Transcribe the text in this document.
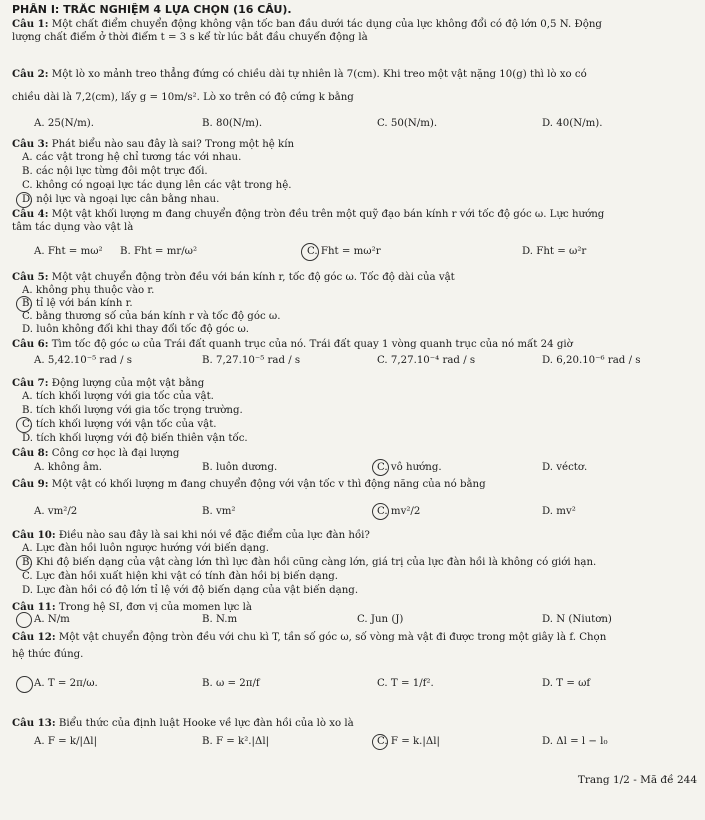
PHẦN I: TRẮC NGHIỆM 4 LỰA CHỌN (16 CÂU).
Câu 1: Một chất điểm chuyển động không vận tốc ban đầu dưới tác dụng của lực không đổi có độ lớn 0,5 N. Động
lượng chất điểm ở thời điểm t = 3 s kể từ lúc bắt đầu chuyển động là
Câu 2: Một lò xo mảnh treo thẳng đứng có chiều dài tự nhiên là 7(cm). Khi treo một vật nặng 10(g) thì lò xo có
chiều dài là 7,2(cm), lấy g = 10m/s². Lò xo trên có độ cứng k bằng
A. 25(N/m).	B. 80(N/m).	C. 50(N/m).	D. 40(N/m).
Câu 3: Phát biểu nào sau đây là sai? Trong một hệ kín
A. các vật trong hệ chỉ tương tác với nhau.
B. các nội lực từng đôi một trực đối.
C. không có ngoại lực tác dụng lên các vật trong hệ.
D. nội lực và ngoại lực cân bằng nhau.
Câu 4: Một vật khối lượng m đang chuyển động tròn đều trên một quỹ đạo bán kính r với tốc độ góc ω. Lực hướng
tâm tác dụng vào vật là
A. Fht = mω² B. Fht = mr/ω²	C. Fht = mω²r	D. Fht = ω²r
Câu 5: Một vật chuyển động tròn đều với bán kính r, tốc độ góc ω. Tốc độ dài của vật
A. không phụ thuộc vào r.
B. tỉ lệ với bán kính r.
C. bằng thương số của bán kính r và tốc độ góc ω.
D. luôn không đổi khi thay đổi tốc độ góc ω.
Câu 6: Tìm tốc độ góc ω của Trái đất quanh trục của nó. Trái đất quay 1 vòng quanh trục của nó mất 24 giờ
A. 5,42.10⁻⁵ rad / s	B. 7,27.10⁻⁵ rad / s	C. 7,27.10⁻⁴ rad / s	D. 6,20.10⁻⁶ rad / s
Câu 7: Động lượng của một vật bằng
A. tích khối lượng với gia tốc của vật.
B. tích khối lượng với gia tốc trọng trường.
C. tích khối lượng với vận tốc của vật.
D. tích khối lượng với độ biến thiên vận tốc.
Câu 8: Công cơ học là đại lượng
A. không âm.	B. luôn dương.	C. vô hướng.	D. véctơ.
Câu 9: Một vật có khối lượng m đang chuyển động với vận tốc v thì động năng của nó bằng
A. vm²/2	B. vm²	C. mv²/2	D. mv²
Câu 10: Điều nào sau đây là sai khi nói về đặc điểm của lực đàn hồi?
A. Lực đàn hồi luôn ngược hướng với biến dạng.
B. Khi độ biến dạng của vật càng lớn thì lực đàn hồi cũng càng lớn, giá trị của lực đàn hồi là không có giới hạn.
C. Lực đàn hồi xuất hiện khi vật có tính đàn hồi bị biến dạng.
D. Lực đàn hồi có độ lớn tỉ lệ với độ biến dạng của vật biến dạng.
Câu 11: Trong hệ SI, đơn vị của momen lực là
A. N/m	B. N.m	C. Jun (J)	D. N (Niutơn)
Câu 12: Một vật chuyển động tròn đều với chu kì T, tần số góc ω, số vòng mà vật đi được trong một giây là f. Chọn
hệ thức đúng.
A. T = 2π/ω.	B. ω = 2π/f	C. T = 1/f².	D. T = ωf
Câu 13: Biểu thức của định luật Hooke về lực đàn hồi của lò xo là
A. F = k/|Δl|	B. F = k².|Δl|	C. F = k.|Δl|	D. Δl = l − l₀
Trang 1/2 - Mã đề 244
